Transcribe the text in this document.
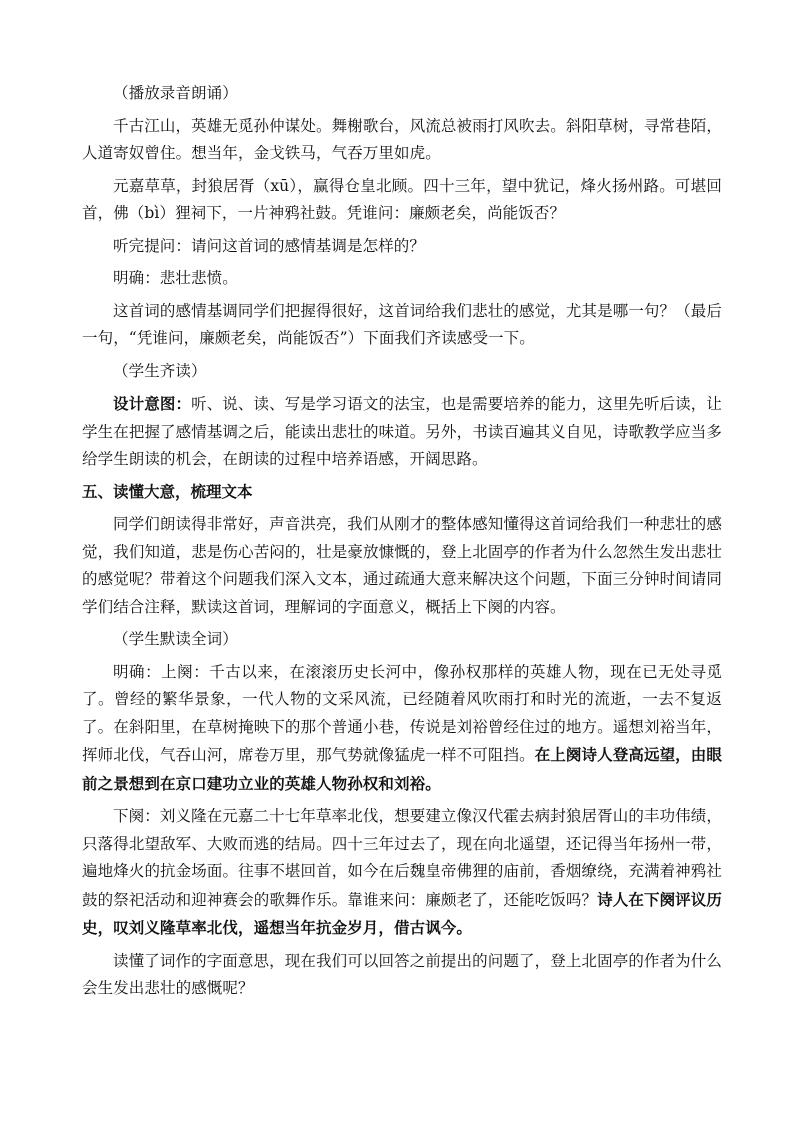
（播放录音朗诵）

千古江山，英雄无觅孙仲谋处。舞榭歌台，风流总被雨打风吹去。斜阳草树，寻常巷陌，人道寄奴曾住。想当年，金戈铁马，气吞万里如虎。

元嘉草草，封狼居胥（xū），赢得仓皇北顾。四十三年，望中犹记，烽火扬州路。可堪回首，佛（bì）狸祠下，一片神鸦社鼓。凭谁问：廉颇老矣，尚能饭否？

听完提问：请问这首词的感情基调是怎样的？

明确：悲壮悲愤。

这首词的感情基调同学们把握得很好，这首词给我们悲壮的感觉，尤其是哪一句？（最后一句，“凭谁问，廉颇老矣，尚能饭否”）下面我们齐读感受一下。

（学生齐读）

设计意图：听、说、读、写是学习语文的法宝，也是需要培养的能力，这里先听后读，让学生在把握了感情基调之后，能读出悲壮的味道。另外，书读百遍其义自见，诗歌教学应当多给学生朗读的机会，在朗读的过程中培养语感，开阔思路。

五、读懂大意，梳理文本

同学们朗读得非常好，声音洪亮，我们从刚才的整体感知懂得这首词给我们一种悲壮的感觉，我们知道，悲是伤心苦闷的，壮是豪放慷慨的，登上北固亭的作者为什么忽然生发出悲壮的感觉呢？带着这个问题我们深入文本，通过疏通大意来解决这个问题，下面三分钟时间请同学们结合注释，默读这首词，理解词的字面意义，概括上下阕的内容。

（学生默读全词）

明确：上阕：千古以来，在滚滚历史长河中，像孙权那样的英雄人物，现在已无处寻觅了。曾经的繁华景象，一代人物的文采风流，已经随着风吹雨打和时光的流逝，一去不复返了。在斜阳里，在草树掩映下的那个普通小巷，传说是刘裕曾经住过的地方。遥想刘裕当年，挥师北伐，气吞山河，席卷万里，那气势就像猛虎一样不可阻挡。在上阕诗人登高远望，由眼前之景想到在京口建功立业的英雄人物孙权和刘裕。

下阕：刘义隆在元嘉二十七年草率北伐，想要建立像汉代霍去病封狼居胥山的丰功伟绩，只落得北望敌军、大败而逃的结局。四十三年过去了，现在向北遥望，还记得当年扬州一带，遍地烽火的抗金场面。往事不堪回首，如今在后魏皇帝佛狸的庙前，香烟缭绕，充满着神鸦社鼓的祭祀活动和迎神赛会的歌舞作乐。靠谁来问：廉颇老了，还能吃饭吗？诗人在下阕评议历史，叹刘义隆草率北伐，遥想当年抗金岁月，借古讽今。

读懂了词作的字面意思，现在我们可以回答之前提出的问题了，登上北固亭的作者为什么会生发出悲壮的感慨呢？
